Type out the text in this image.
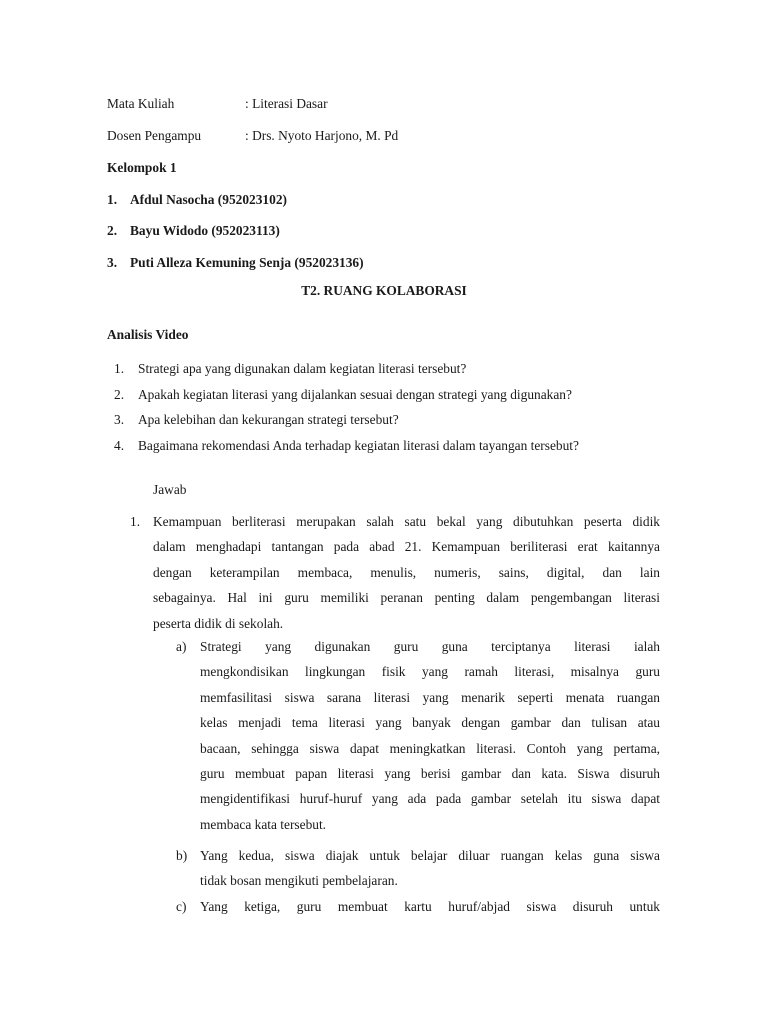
Mata Kuliah	: Literasi Dasar
Dosen Pengampu	: Drs. Nyoto Harjono, M. Pd
Kelompok 1
1. Afdul Nasocha (952023102)
2. Bayu Widodo (952023113)
3. Puti Alleza Kemuning Senja (952023136)
T2. RUANG KOLABORASI
Analisis Video
1. Strategi apa yang digunakan dalam kegiatan literasi tersebut?
2. Apakah kegiatan literasi yang dijalankan sesuai dengan strategi yang digunakan?
3. Apa kelebihan dan kekurangan strategi tersebut?
4. Bagaimana rekomendasi Anda terhadap kegiatan literasi dalam tayangan tersebut?
Jawab
1. Kemampuan berliterasi merupakan salah satu bekal yang dibutuhkan peserta didik
dalam menghadapi tantangan pada abad 21. Kemampuan beriliterasi erat kaitannya
dengan keterampilan membaca, menulis, numeris, sains, digital, dan lain
sebagainya. Hal ini guru memiliki peranan penting dalam pengembangan literasi
peserta didik di sekolah.
a) Strategi yang digunakan guru guna terciptanya literasi ialah
mengkondisikan lingkungan fisik yang ramah literasi, misalnya guru
memfasilitasi siswa sarana literasi yang menarik seperti menata ruangan
kelas menjadi tema literasi yang banyak dengan gambar dan tulisan atau
bacaan, sehingga siswa dapat meningkatkan literasi. Contoh yang pertama,
guru membuat papan literasi yang berisi gambar dan kata. Siswa disuruh
mengidentifikasi huruf-huruf yang ada pada gambar setelah itu siswa dapat
membaca kata tersebut.
b) Yang kedua, siswa diajak untuk belajar diluar ruangan kelas guna siswa
tidak bosan mengikuti pembelajaran.
c) Yang ketiga, guru membuat kartu huruf/abjad siswa disuruh untuk
